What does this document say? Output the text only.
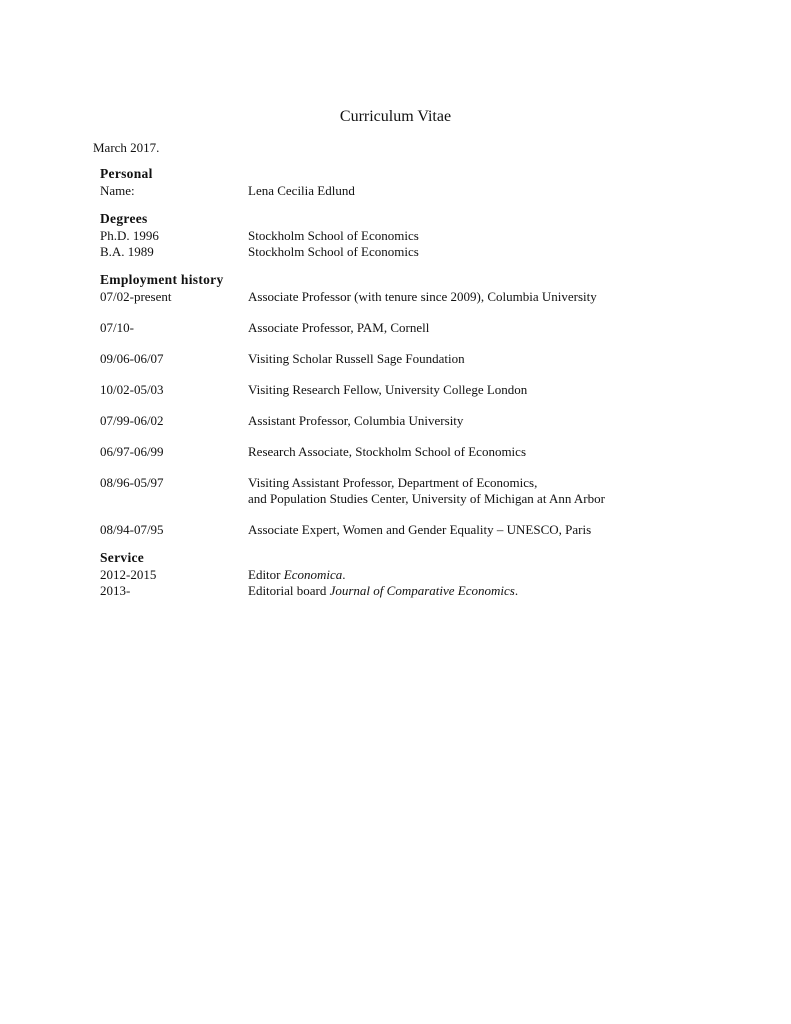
Curriculum Vitae
March 2017.
Personal
Name:	Lena Cecilia Edlund
Degrees
Ph.D. 1996	Stockholm School of Economics
B.A. 1989	Stockholm School of Economics
Employment history
07/02-present	Associate Professor (with tenure since 2009), Columbia University
07/10-	Associate Professor, PAM, Cornell
09/06-06/07	Visiting Scholar Russell Sage Foundation
10/02-05/03	Visiting Research Fellow, University College London
07/99-06/02	Assistant Professor, Columbia University
06/97-06/99	Research Associate, Stockholm School of Economics
08/96-05/97	Visiting Assistant Professor, Department of Economics,
and Population Studies Center, University of Michigan at Ann Arbor
08/94-07/95	Associate Expert, Women and Gender Equality – UNESCO, Paris
Service
2012-2015	Editor Economica.
2013-	Editorial board Journal of Comparative Economics.
